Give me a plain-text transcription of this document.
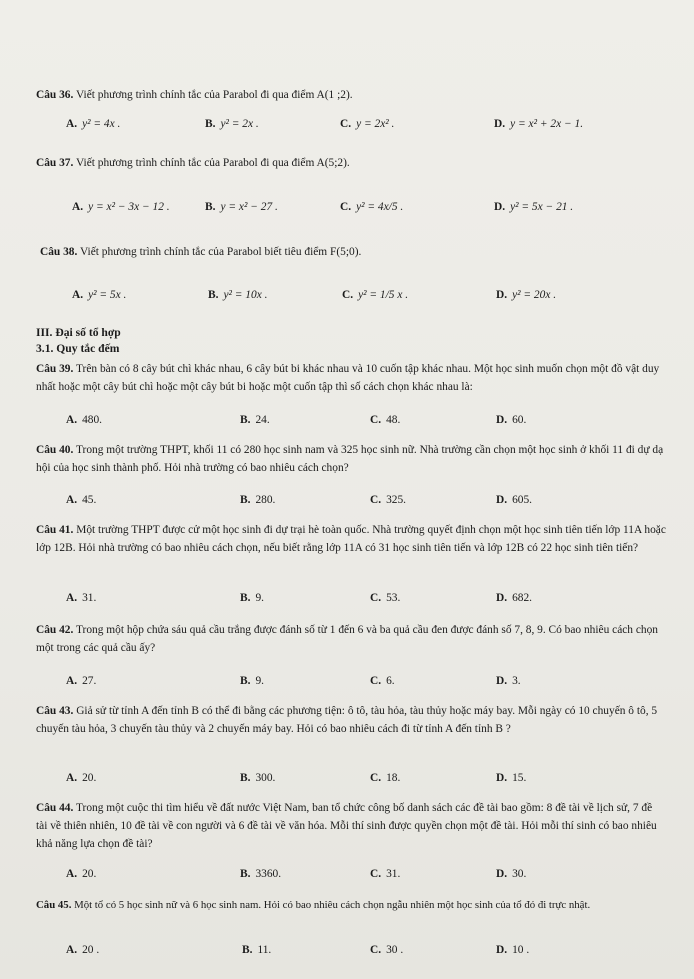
Câu 36. Viết phương trình chính tắc của Parabol đi qua điểm A(1 ;2).
A. y² = 4x .	B. y² = 2x .	C. y = 2x² .	D. y = x² + 2x − 1.
Câu 37. Viết phương trình chính tắc của Parabol đi qua điểm A(5;2).
A. y = x² − 3x − 12 .	B. y = x² − 27 .	C. y² = 4x/5 .	D. y² = 5x − 21 .
Câu 38. Viết phương trình chính tắc của Parabol biết tiêu điểm F(5;0).
A. y² = 5x .	B. y² = 10x .	C. y² = 1/5 x .	D. y² = 20x .
III. Đại số tổ hợp
3.1. Quy tắc đếm
Câu 39. Trên bàn có 8 cây bút chì khác nhau, 6 cây bút bi khác nhau và 10 cuốn tập khác nhau. Một học sinh muốn chọn một đồ vật duy nhất hoặc một cây bút chì hoặc một cây bút bi hoặc một cuốn tập thì số cách chọn khác nhau là:
A. 480.	B. 24.	C. 48.	D. 60.
Câu 40. Trong một trường THPT, khối 11 có 280 học sinh nam và 325 học sinh nữ. Nhà trường cần chọn một học sinh ở khối 11 đi dự dạ hội của học sinh thành phố. Hỏi nhà trường có bao nhiêu cách chọn?
A. 45.	B. 280.	C. 325.	D. 605.
Câu 41. Một trường THPT được cử một học sinh đi dự trại hè toàn quốc. Nhà trường quyết định chọn một học sinh tiên tiến lớp 11A hoặc lớp 12B. Hỏi nhà trường có bao nhiêu cách chọn, nếu biết rằng lớp 11A có 31 học sinh tiên tiến và lớp 12B có 22 học sinh tiên tiến?
A. 31.	B. 9.	C. 53.	D. 682.
Câu 42. Trong một hộp chứa sáu quả cầu trắng được đánh số từ 1 đến 6 và ba quả cầu đen được đánh số 7, 8, 9. Có bao nhiêu cách chọn một trong các quả cầu ấy?
A. 27.	B. 9.	C. 6.	D. 3.
Câu 43. Giả sử từ tỉnh A đến tỉnh B có thể đi bằng các phương tiện: ô tô, tàu hỏa, tàu thủy hoặc máy bay. Mỗi ngày có 10 chuyến ô tô, 5 chuyến tàu hỏa, 3 chuyến tàu thủy và 2 chuyến máy bay. Hỏi có bao nhiêu cách đi từ tỉnh A đến tỉnh B ?
A. 20.	B. 300.	C. 18.	D. 15.
Câu 44. Trong một cuộc thi tìm hiểu về đất nước Việt Nam, ban tổ chức công bố danh sách các đề tài bao gồm: 8 đề tài về lịch sử, 7 đề tài về thiên nhiên, 10 đề tài về con người và 6 đề tài về văn hóa. Mỗi thí sinh được quyền chọn một đề tài. Hỏi mỗi thí sinh có bao nhiêu khả năng lựa chọn đề tài?
A. 20.	B. 3360.	C. 31.	D. 30.
Câu 45. Một tổ có 5 học sinh nữ và 6 học sinh nam. Hỏi có bao nhiêu cách chọn ngẫu nhiên một học sinh của tổ đó đi trực nhật.
A. 20 .	B. 11.	C. 30 .	D. 10 .
